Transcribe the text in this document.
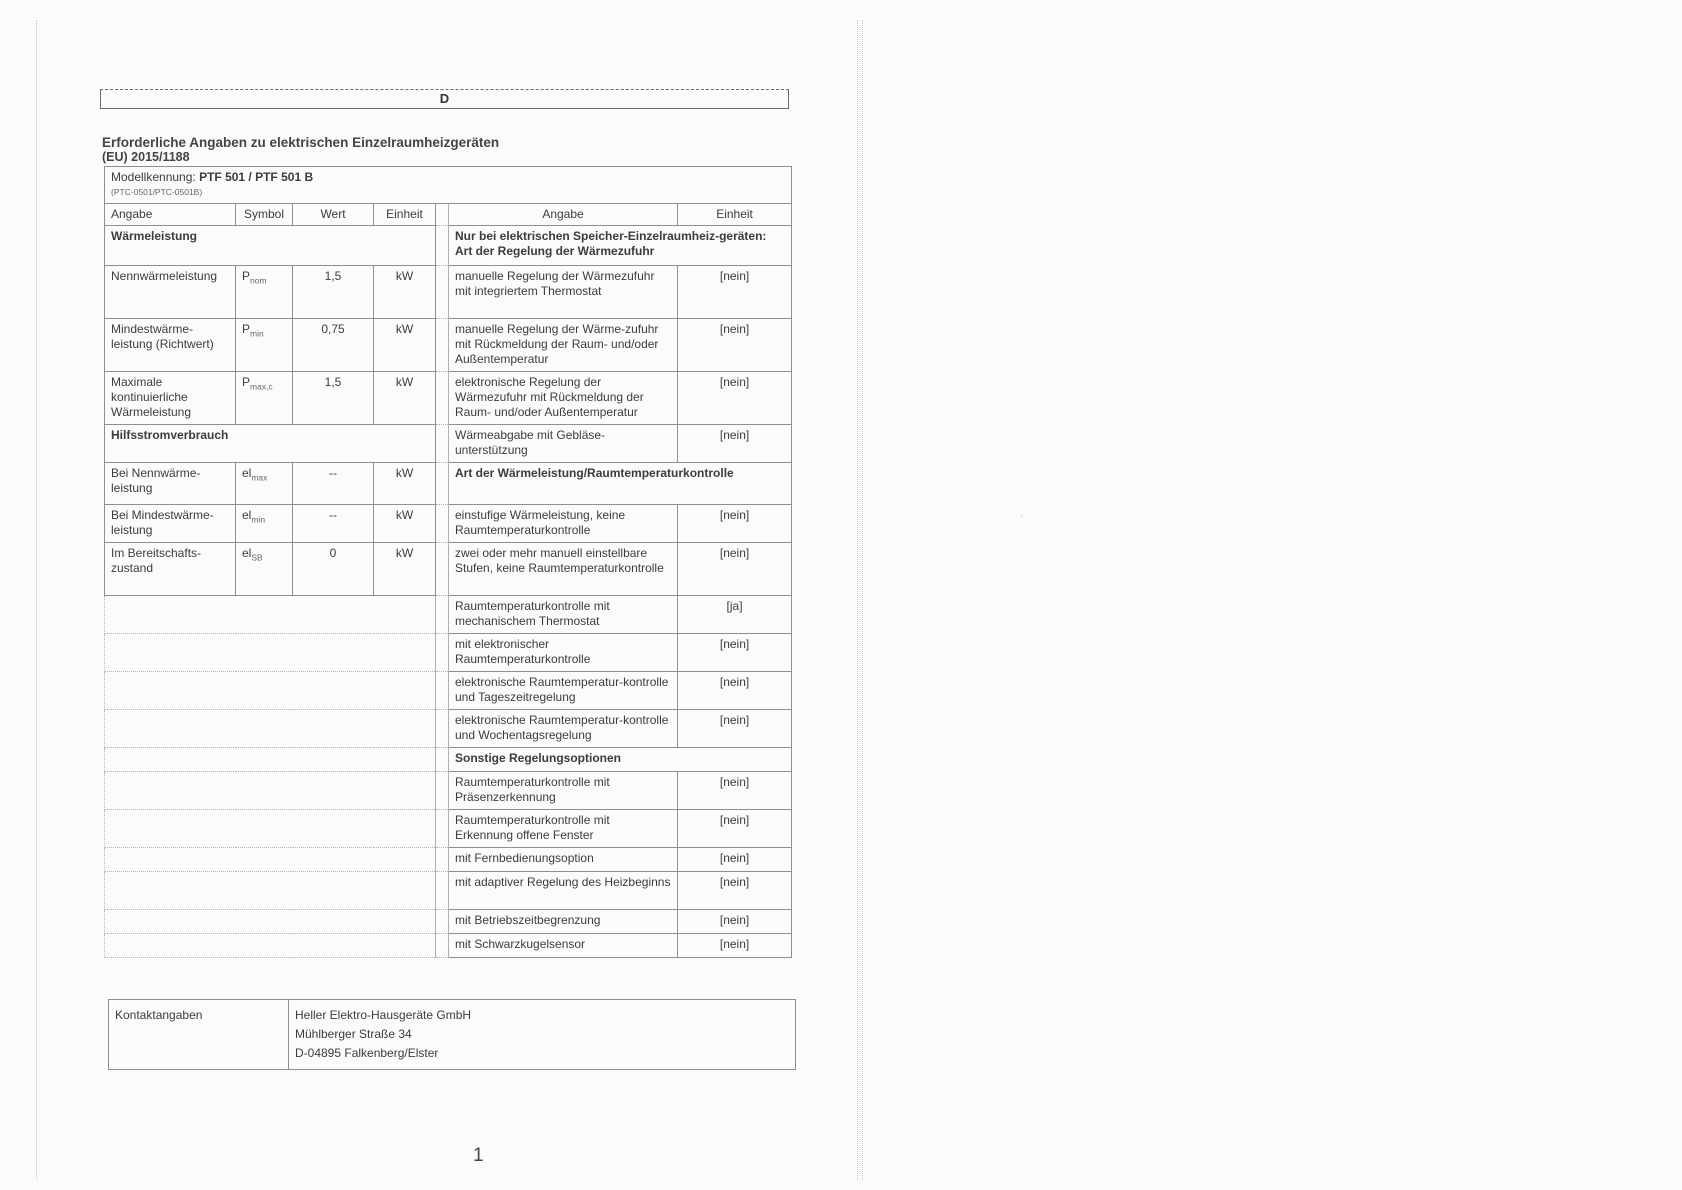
·
D
Erforderliche Angaben zu elektrischen Einzelraumheizgeräten
(EU) 2015/1188
Modellkennung: PTF 501 / PTF 501 B
(PTC-0501/PTC-0501B)						

Angabe	Symbol	Wert	Einheit		Angabe	Einheit
Wärmeleistung					Nur bei elektrischen Speicher-Einzelraumheiz-geräten: Art der Regelung der Wärmezufuhr	
Nennwärmeleistung	$P_{nom}$	1,5	kW		manuelle Regelung der Wärmezufuhr mit integriertem Thermostat	[nein]
Mindestwärme-leistung (Richtwert)	$P_{min}$	0,75	kW		manuelle Regelung der Wärme-zufuhr mit Rückmeldung der Raum- und/oder Außentemperatur	[nein]
Maximale kontinuierliche Wärmeleistung	$P_{max,c}$	1,5	kW		elektronische Regelung der Wärmezufuhr mit Rückmeldung der Raum- und/oder Außentemperatur	[nein]
Hilfsstromverbrauch					Wärmeabgabe mit Gebläse-unterstützung	[nein]
Bei Nennwärme-leistung	$el_{max}$	--	kW		Art der Wärmeleistung/Raumtemperaturkontrolle	
Bei Mindestwärme-leistung	$el_{min}$	--	kW		einstufige Wärmeleistung, keine Raumtemperaturkontrolle	[nein]
Im Bereitschafts-zustand	$el_{SB}$	0	kW		zwei oder mehr manuell einstellbare Stufen, keine Raumtemperaturkontrolle	[nein]
					Raumtemperaturkontrolle mit mechanischem Thermostat	[ja]
					mit elektronischer Raumtemperaturkontrolle	[nein]
					elektronische Raumtemperatur-kontrolle und Tageszeitregelung	[nein]
					elektronische Raumtemperatur-kontrolle und Wochentagsregelung	[nein]
					Sonstige Regelungsoptionen	
					Raumtemperaturkontrolle mit Präsenzerkennung	[nein]
					Raumtemperaturkontrolle mit Erkennung offene Fenster	[nein]
					mit Fernbedienungsoption	[nein]
					mit adaptiver Regelung des Heizbeginns	[nein]
					mit Betriebszeitbegrenzung	[nein]
					mit Schwarzkugelsensor	[nein]
Kontaktangaben	Heller Elektro-Hausgeräte GmbH
Mühlberger Straße 34
D-04895 Falkenberg/Elster
1
